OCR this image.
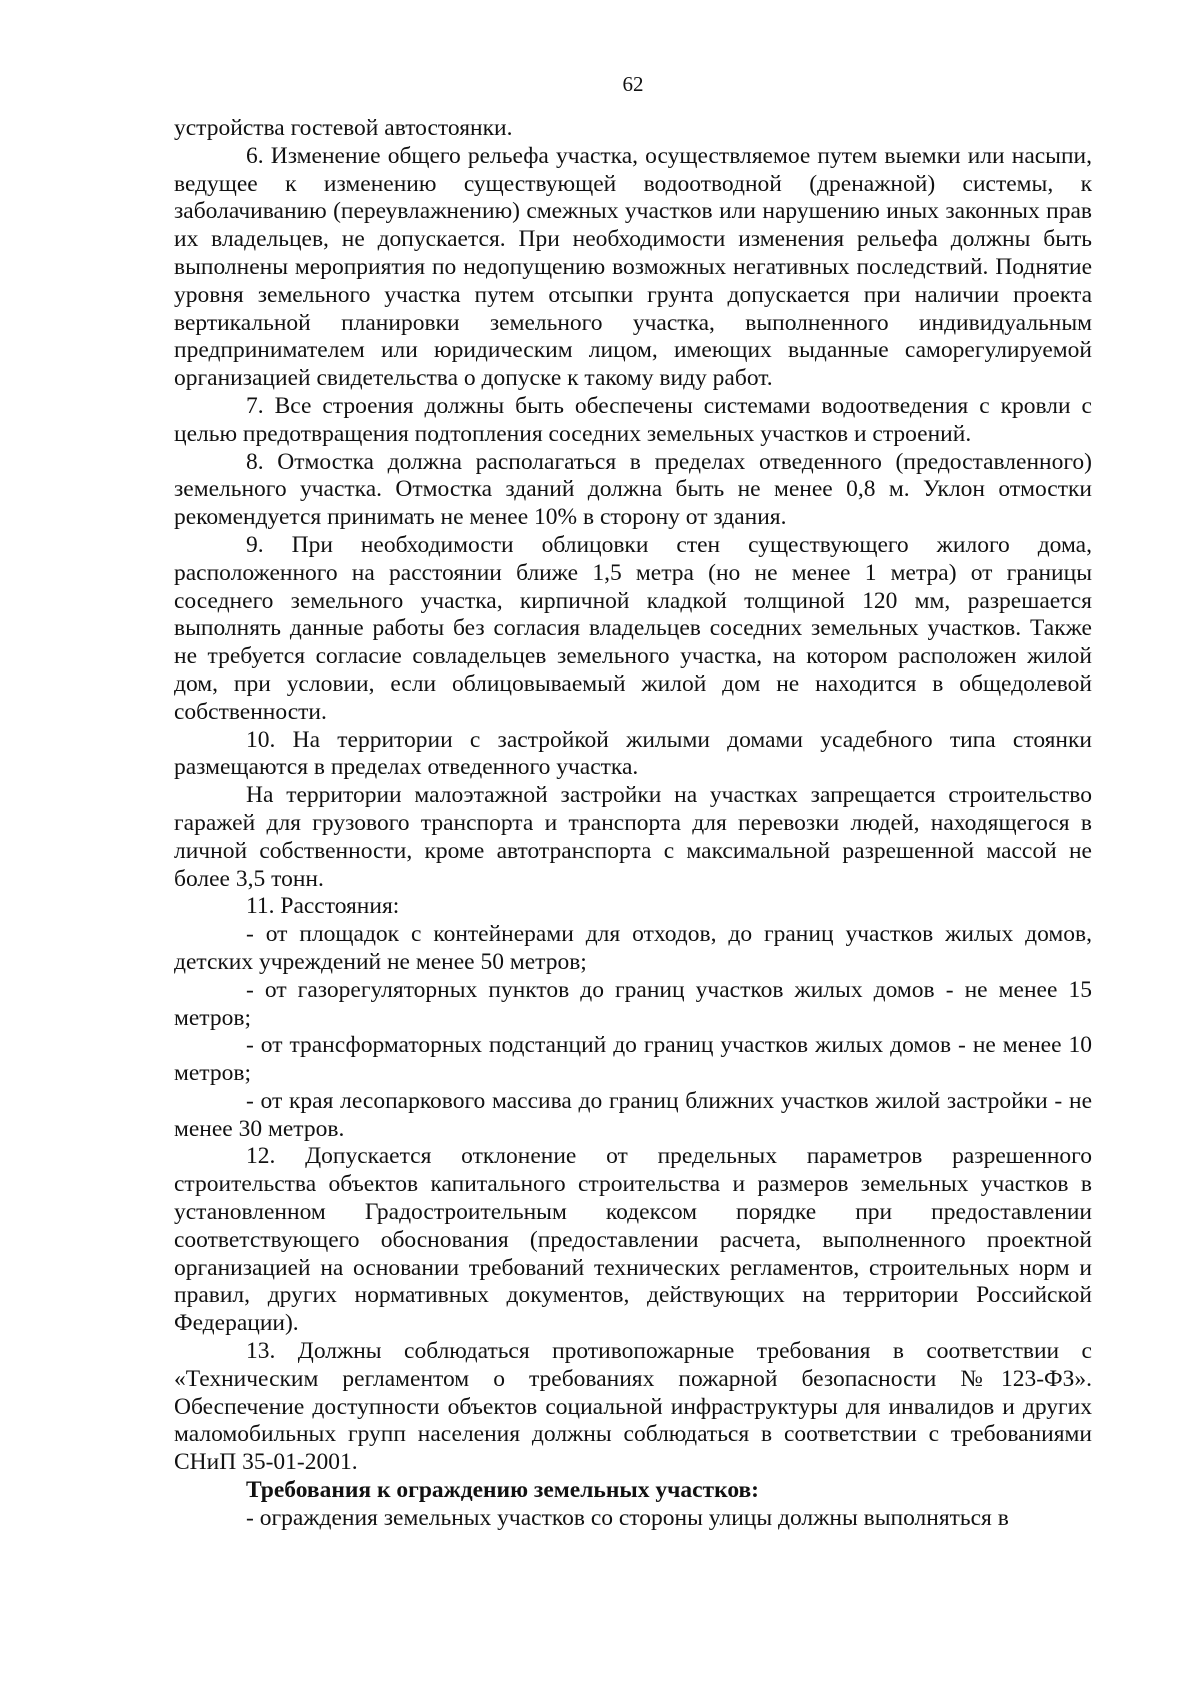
62

устройства гостевой автостоянки.

6. Изменение общего рельефа участка, осуществляемое путем выемки или насыпи, ведущее к изменению существующей водоотводной (дренажной) системы, к заболачиванию (переувлажнению) смежных участков или нарушению иных законных прав их владельцев, не допускается. При необходимости изменения рельефа должны быть выполнены мероприятия по недопущению возможных негативных последствий. Поднятие уровня земельного участка путем отсыпки грунта допускается при наличии проекта вертикальной планировки земельного участка, выполненного индивидуальным предпринимателем или юридическим лицом, имеющих выданные саморегулируемой организацией свидетельства о допуске к такому виду работ.

7. Все строения должны быть обеспечены системами водоотведения с кровли с целью предотвращения подтопления соседних земельных участков и строений.

8. Отмостка должна располагаться в пределах отведенного (предоставленного) земельного участка. Отмостка зданий должна быть не менее 0,8 м. Уклон отмостки рекомендуется принимать не менее 10% в сторону от здания.

9. При необходимости облицовки стен существующего жилого дома, расположенного на расстоянии ближе 1,5 метра (но не менее 1 метра) от границы соседнего земельного участка, кирпичной кладкой толщиной 120 мм, разрешается выполнять данные работы без согласия владельцев соседних земельных участков. Также не требуется согласие совладельцев земельного участка, на котором расположен жилой дом, при условии, если облицовываемый жилой дом не находится в общедолевой собственности.

10. На территории с застройкой жилыми домами усадебного типа стоянки размещаются в пределах отведенного участка.

На территории малоэтажной застройки на участках запрещается строительство гаражей для грузового транспорта и транспорта для перевозки людей, находящегося в личной собственности, кроме автотранспорта с максимальной разрешенной массой не более 3,5 тонн.

11. Расстояния:

- от площадок с контейнерами для отходов, до границ участков жилых домов, детских учреждений не менее 50 метров;

- от газорегуляторных пунктов до границ участков жилых домов - не менее 15 метров;

- от трансформаторных подстанций до границ участков жилых домов - не менее 10 метров;

- от края лесопаркового массива до границ ближних участков жилой застройки - не менее 30 метров.

12. Допускается отклонение от предельных параметров разрешенного строительства объектов капитального строительства и размеров земельных участков в установленном Градостроительным кодексом порядке при предоставлении соответствующего обоснования (предоставлении расчета, выполненного проектной организацией на основании требований технических регламентов, строительных норм и правил, других нормативных документов, действующих на территории Российской Федерации).

13. Должны соблюдаться противопожарные требования в соответствии с «Техническим регламентом о требованиях пожарной безопасности №123-ФЗ». Обеспечение доступности объектов социальной инфраструктуры для инвалидов и других маломобильных групп населения должны соблюдаться в соответствии с требованиями СНиП 35-01-2001.

Требования к ограждению земельных участков:

- ограждения земельных участков со стороны улицы должны выполняться в
